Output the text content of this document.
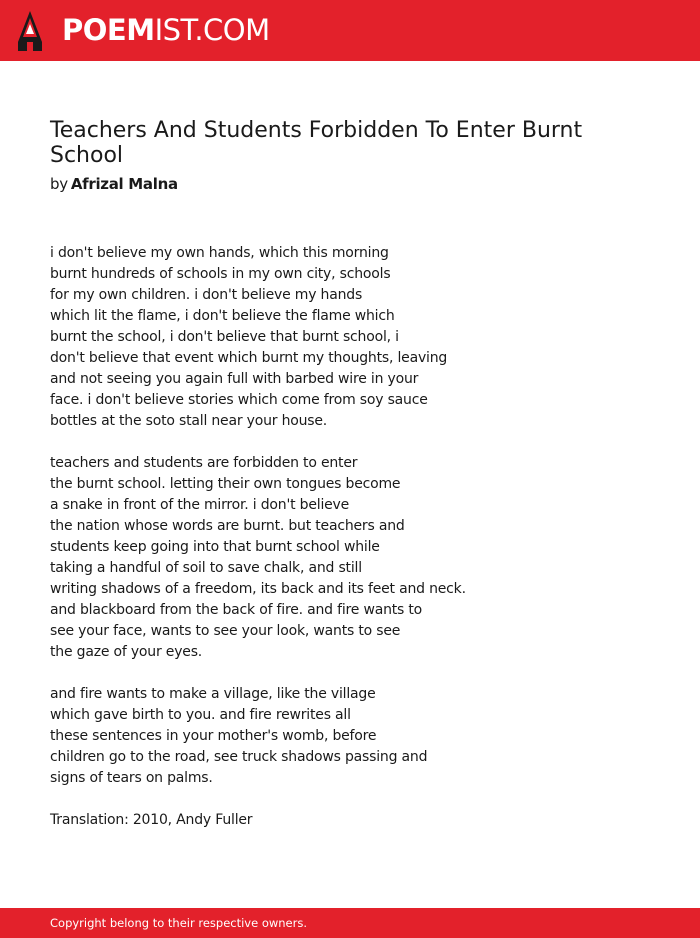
POEMIST.COM
Teachers And Students Forbidden To Enter Burnt School
by Afrizal Malna
i don't believe my own hands, which this morning
burnt hundreds of schools in my own city, schools
for my own children. i don't believe my hands
which lit the flame, i don't believe the flame which
burnt the school, i don't believe that burnt school, i
don't believe that event which burnt my thoughts, leaving
and not seeing you again full with barbed wire in your
face. i don't believe stories which come from soy sauce
bottles at the soto stall near your house.
teachers and students are forbidden to enter
the burnt school. letting their own tongues become
a snake in front of the mirror. i don't believe
the nation whose words are burnt. but teachers and
students keep going into that burnt school while
taking a handful of soil to save chalk, and still
writing shadows of a freedom, its back and its feet and neck.
and blackboard from the back of fire. and fire wants to
see your face, wants to see your look, wants to see
the gaze of your eyes.
and fire wants to make a village, like the village
which gave birth to you. and fire rewrites all
these sentences in your mother's womb, before
children go to the road, see truck shadows passing and
signs of tears on palms.
Translation: 2010, Andy Fuller
Copyright belong to their respective owners.
